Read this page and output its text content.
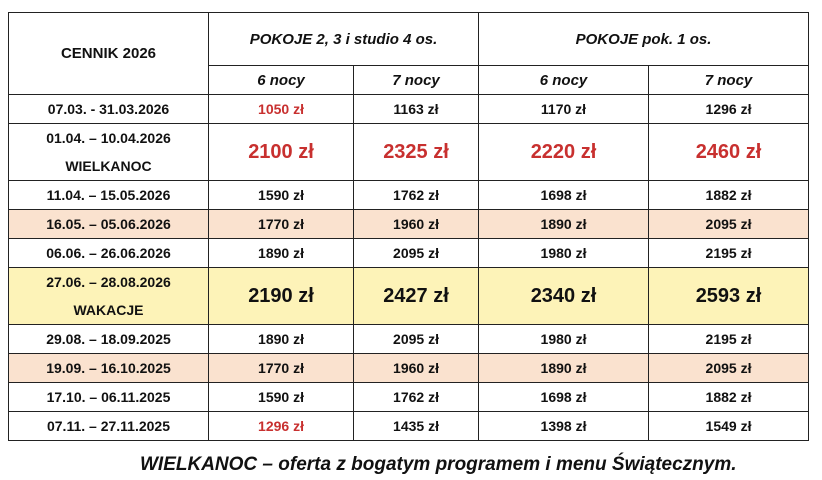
CENNIK 2026	POKOJE 2, 3 i studio 4 os.		POKOJE pok. 1 os.	
	6 nocy	7 nocy	6 nocy	7 nocy
07.03. - 31.03.2026	1050 zł	1163 zł	1170 zł	1296 zł

01.04. – 10.04.2026
WIELKANOC	2100 zł	2325 zł	2220 zł	2460 zł
11.04. – 15.05.2026	1590 zł	1762 zł	1698 zł	1882 zł
16.05. – 05.06.2026	1770 zł	1960 zł	1890 zł	2095 zł
06.06. – 26.06.2026	1890 zł	2095 zł	1980 zł	2195 zł

27.06. – 28.08.2026
WAKACJE	2190 zł	2427 zł	2340 zł	2593 zł
29.08. – 18.09.2025	1890 zł	2095 zł	1980 zł	2195 zł
19.09. – 16.10.2025	1770 zł	1960 zł	1890 zł	2095 zł
17.10. – 06.11.2025	1590 zł	1762 zł	1698 zł	1882 zł
07.11. – 27.11.2025	1296 zł	1435 zł	1398 zł	1549 zł
WIELKANOC – oferta z bogatym programem i menu Świątecznym.
